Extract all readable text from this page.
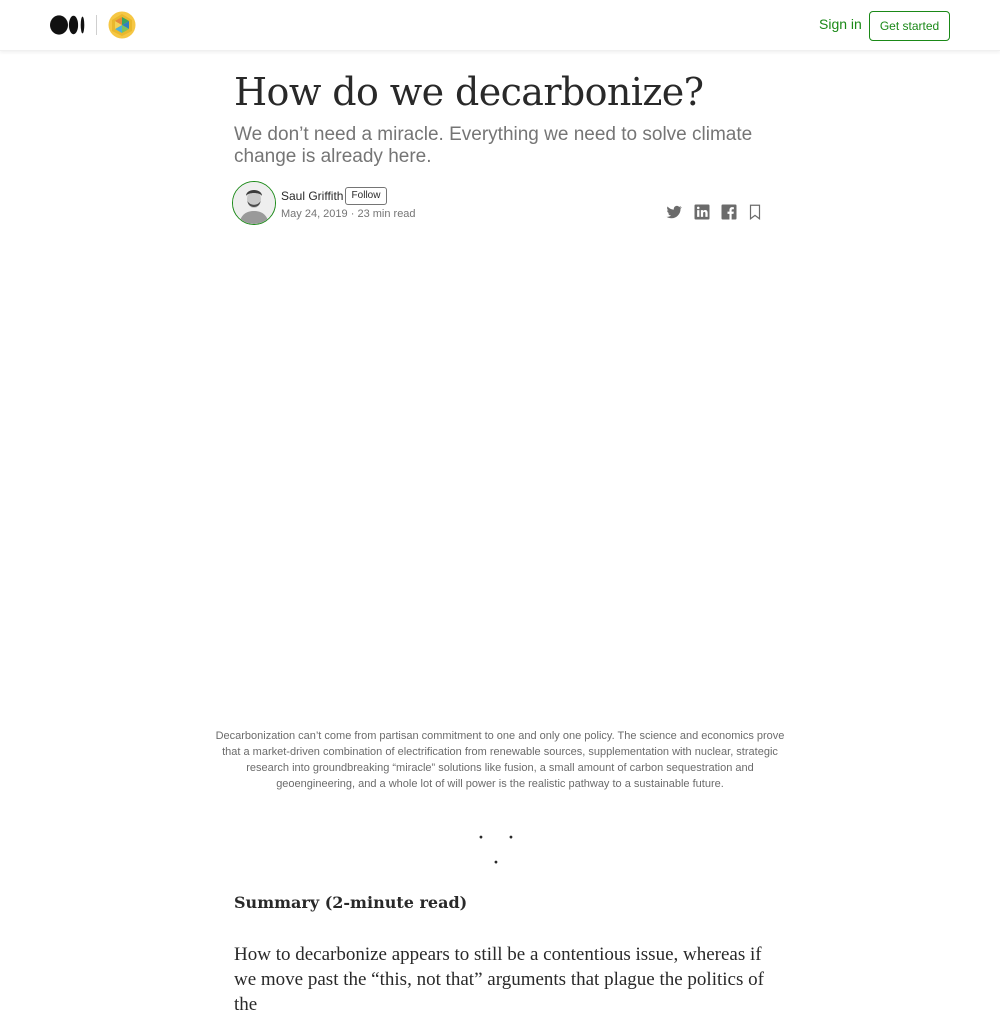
Sign in	Get started
How do we decarbonize?

We don’t need a miracle. Everything we need to solve climate change is already here.

Saul Griffith Follow
May 24, 2019 · 23 min read

Decarbonization can’t come from partisan commitment to one and only one policy. The science and economics prove that a market-driven combination of electrification from renewable sources, supplementation with nuclear, strategic research into groundbreaking “miracle” solutions like fusion, a small amount of carbon sequestration and geoengineering, and a whole lot of will power is the realistic pathway to a sustainable future.

· · ·
Summary (2-minute read)

How to decarbonize appears to still be a contentious issue, whereas if we move past the “this, not that” arguments that plague the politics of the
